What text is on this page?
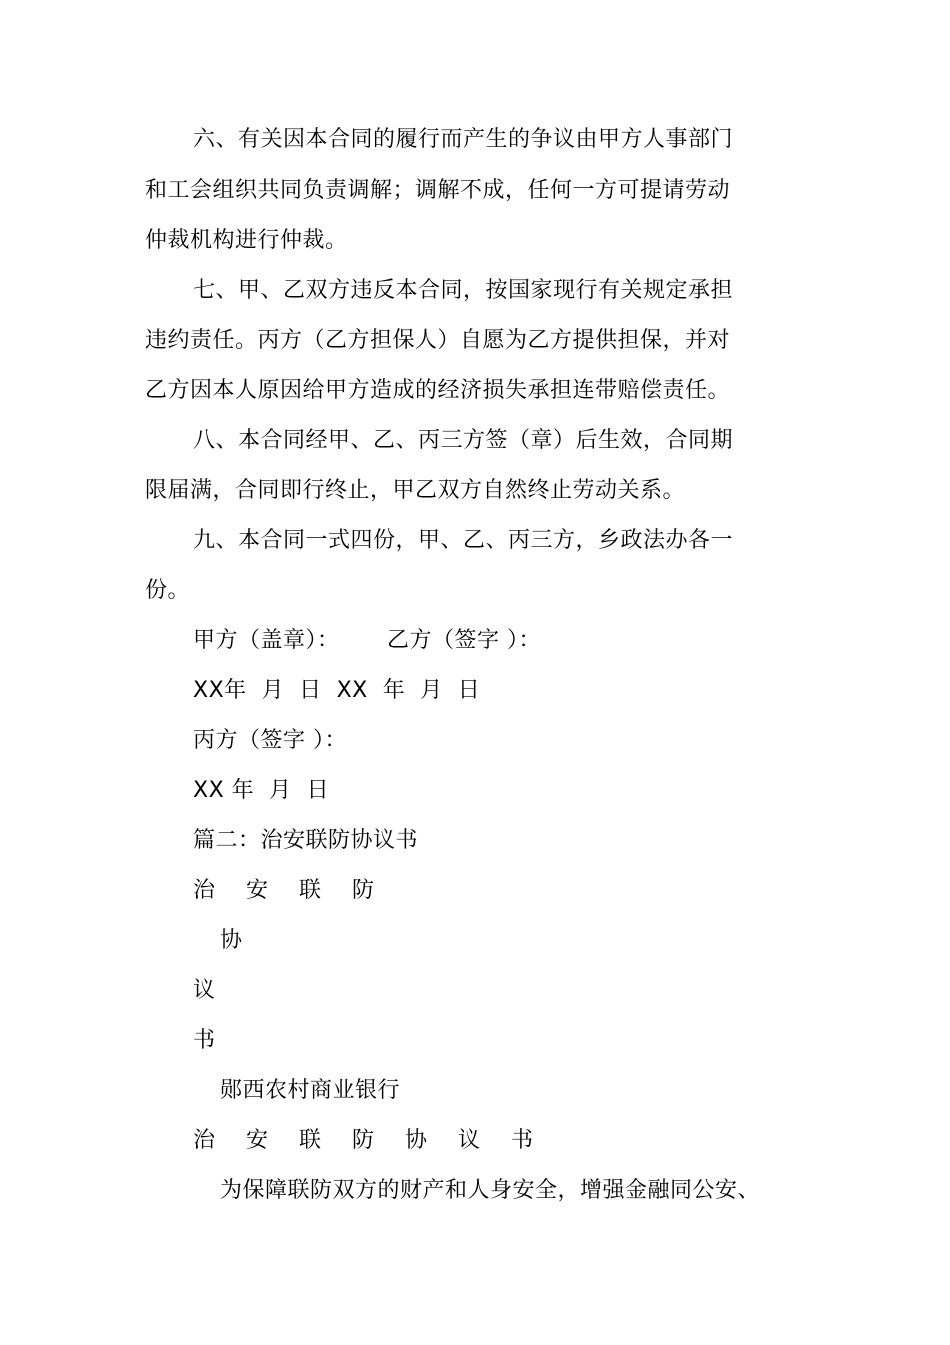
六、有关因本合同的履行而产生的争议由甲方人事部门
和工会组织共同负责调解；调解不成，任何一方可提请劳动
仲裁机构进行仲裁。
七、甲、乙双方违反本合同，按国家现行有关规定承担
违约责任。丙方（乙方担保人）自愿为乙方提供担保，并对
乙方因本人原因给甲方造成的经济损失承担连带赔偿责任。
八、本合同经甲、乙、丙三方签（章）后生效，合同期
限届满，合同即行终止，甲乙双方自然终止劳动关系。
九、本合同一式四份，甲、乙、丙三方，乡政法办各一
份。
甲方（盖章）： 乙方（签字 ）：
XX年  月  日  XX  年  月  日
丙方（签字 ）：
XX 年  月  日
篇二：治安联防协议书
治 安 联 防
协
议
书
郧西农村商业银行
治 安 联 防 协 议 书
为保障联防双方的财产和人身安全，增强金融同公安、
